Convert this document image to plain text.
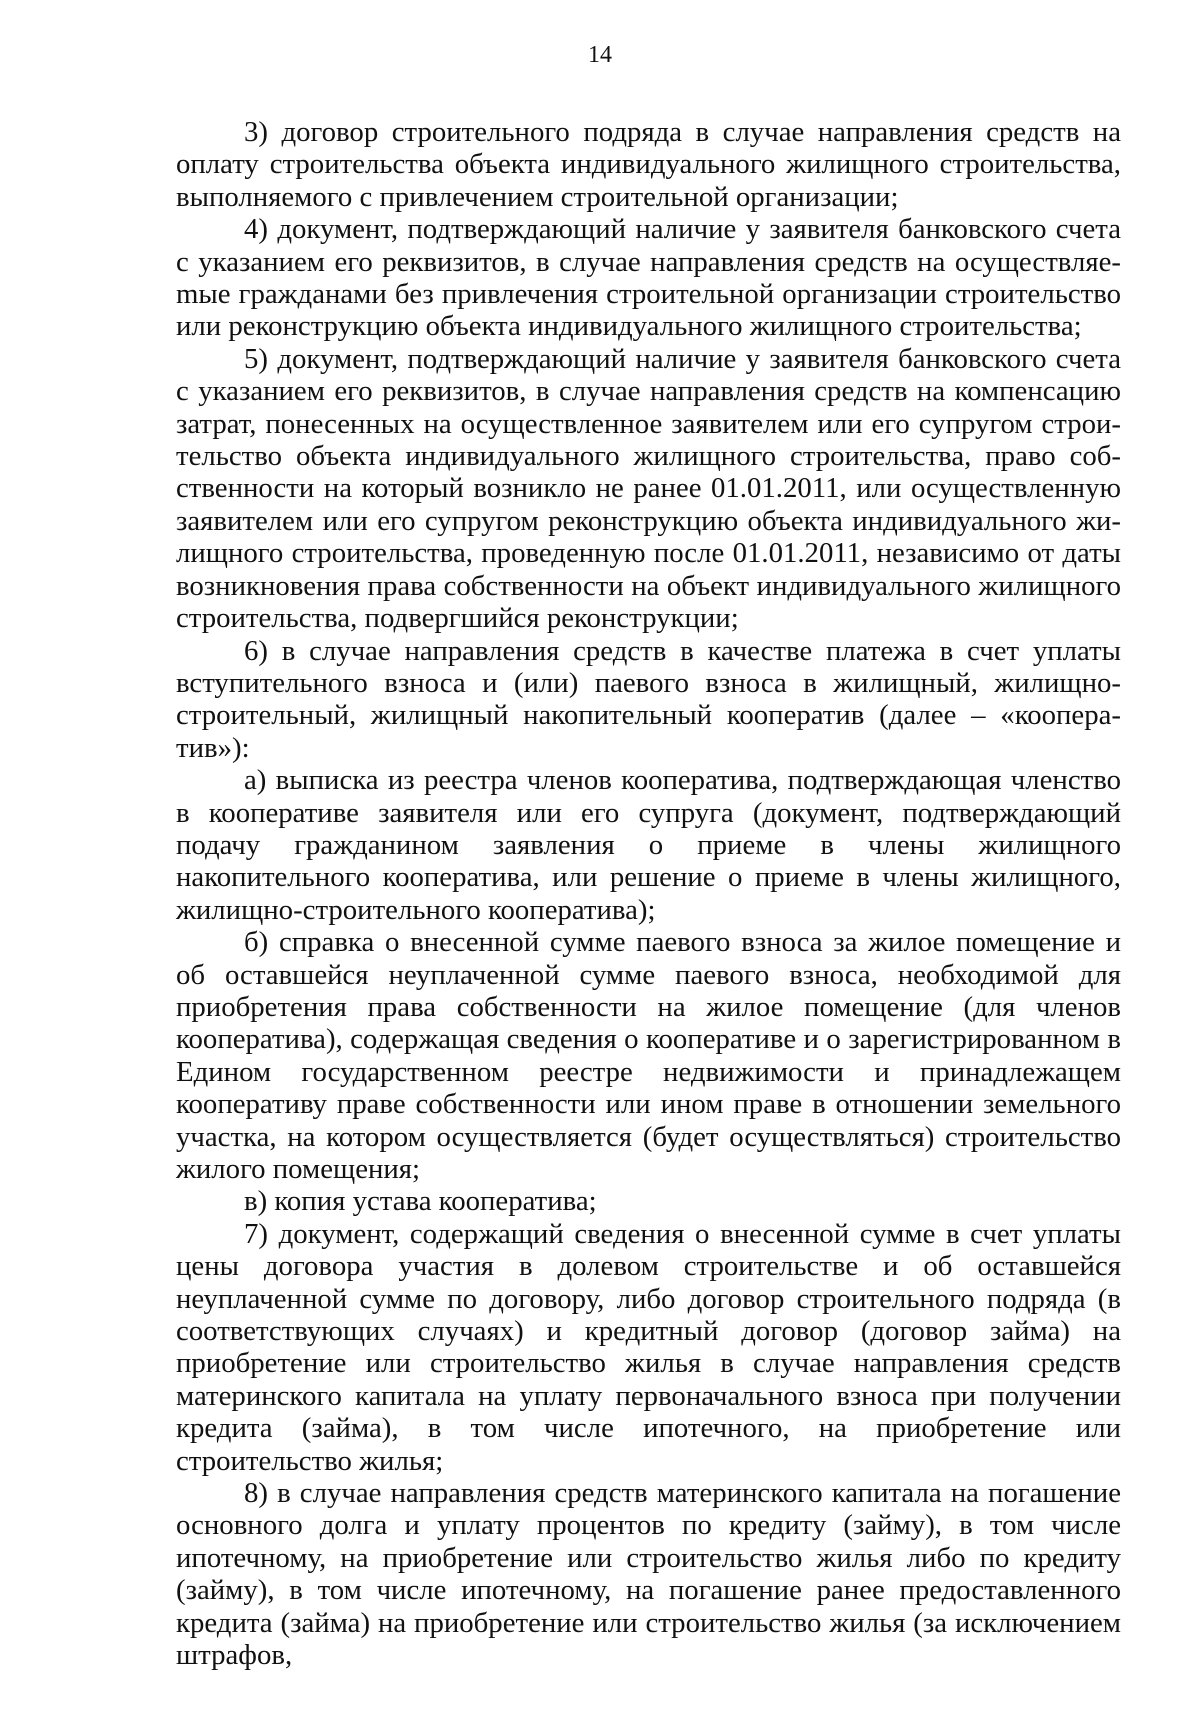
14

3) договор строительного подряда в случае направления средств на оплату строительства объекта индивидуального жилищного строительства, выполняемого с привлечением строительной организации;

4) документ, подтверждающий наличие у заявителя банковского счета с указанием его реквизитов, в случае направления средств на осуществляеmые гражданами без привлечения строительной организации строительство или реконструкцию объекта индивидуального жилищного строительства;

5) документ, подтверждающий наличие у заявителя банковского счета с указанием его реквизитов, в случае направления средств на компенсацию затрат, понесенных на осуществленное заявителем или его супругом строительство объекта индивидуального жилищного строительства, право собственности на который возникло не ранее 01.01.2011, или осуществленную заявителем или его супругом реконструкцию объекта индивидуального жилищного строительства, проведенную после 01.01.2011, независимо от даты возникновения права собственности на объект индивидуального жилищного строительства, подвергшийся реконструкции;

6) в случае направления средств в качестве платежа в счет уплаты вступительного взноса и (или) паевого взноса в жилищный, жилищно-строительный, жилищный накопительный кооператив (далее – «кооператив»):

а) выписка из реестра членов кооператива, подтверждающая членство в кооперативе заявителя или его супруга (документ, подтверждающий подачу гражданином заявления о приеме в члены жилищного накопительного кооператива, или решение о приеме в члены жилищного, жилищно-строительного кооператива);

б) справка о внесенной сумме паевого взноса за жилое помещение и об оставшейся неуплаченной сумме паевого взноса, необходимой для приобретения права собственности на жилое помещение (для членов кооператива), содержащая сведения о кооперативе и о зарегистрированном в Едином государственном реестре недвижимости и принадлежащем кооперативу праве собственности или ином праве в отношении земельного участка, на котором осуществляется (будет осуществляться) строительство жилого помещения;

в) копия устава кооператива;

7) документ, содержащий сведения о внесенной сумме в счет уплаты цены договора участия в долевом строительстве и об оставшейся неуплаченной сумме по договору, либо договор строительного подряда (в соответствующих случаях) и кредитный договор (договор займа) на приобретение или строительство жилья в случае направления средств материнского капитала на уплату первоначального взноса при получении кредита (займа), в том числе ипотечного, на приобретение или строительство жилья;

8) в случае направления средств материнского капитала на погашение основного долга и уплату процентов по кредиту (займу), в том числе ипотечному, на приобретение или строительство жилья либо по кредиту (займу), в том числе ипотечному, на погашение ранее предоставленного кредита (займа) на приобретение или строительство жилья (за исключением штрафов,
